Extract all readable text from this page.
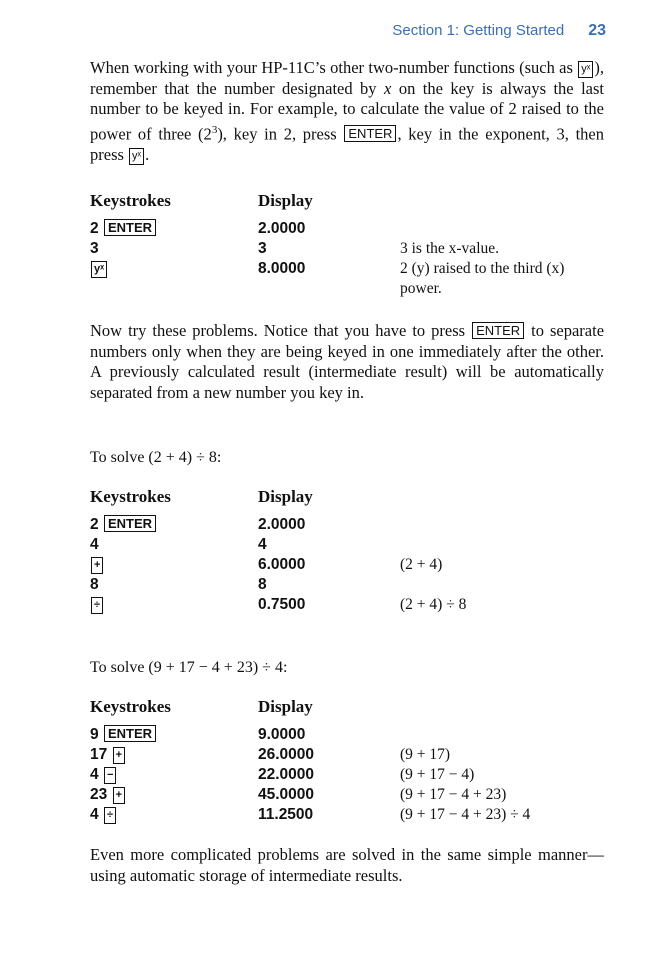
Section 1: Getting Started 23

When working with your HP-11C’s other two-number functions (such as yˣ ), remember that the number designated by x on the key is always the last number to be keyed in. For example, to calculate the value of 2 raised to the power of three $(2^3)$, key in 2, press ENTER , key in the exponent, 3, then press yˣ .

Keystrokes	Display	
2 ENTER	2.0000	
3	3	3 is the x-value.
yˣ	8.0000	2 (y) raised to the third (x) power.

Now try these problems. Notice that you have to press ENTER to separate numbers only when they are being keyed in one immediately after the other. A previously calculated result (intermediate result) will be automatically separated from a new number you key in.

To solve (2 + 4) ÷ 8:

Keystrokes	Display	
2 ENTER	2.0000	
4	4	
+	6.0000	(2 + 4)
8	8	
÷	0.7500	(2 + 4) ÷ 8

To solve (9 + 17 − 4 + 23) ÷ 4:

Keystrokes	Display	
9 ENTER	9.0000	
17 +	26.0000	(9 + 17)
4 −	22.0000	(9 + 17 − 4)
23 +	45.0000	(9 + 17 − 4 + 23)
4 ÷	11.2500	(9 + 17 − 4 + 23) ÷ 4

Even more complicated problems are solved in the same simple manner—using automatic storage of intermediate results.
